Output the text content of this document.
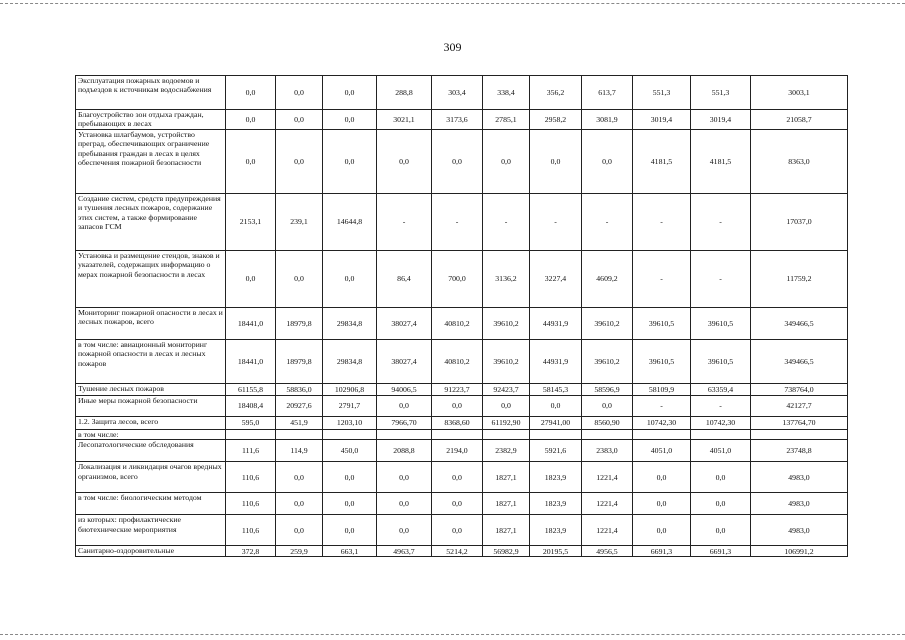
309
Эксплуатация пожарных водоемов и подъездов к источникам водоснабжения	0,0	0,0	0,0	288,8	303,4	338,4	356,2	613,7	551,3	551,3	3003,1
Благоустройство зон отдыха граждан, пребывающих в лесах	0,0	0,0	0,0	3021,1	3173,6	2785,1	2958,2	3081,9	3019,4	3019,4	21058,7
Установка шлагбаумов, устройство преград, обеспечивающих ограничение пребывания граждан в лесах в целях обеспечения пожарной безопасности	0,0	0,0	0,0	0,0	0,0	0,0	0,0	0,0	4181,5	4181,5	8363,0
Создание систем, средств предупреждения и тушения лесных пожаров, содержание этих систем, а также формирование запасов ГСМ	2153,1	239,1	14644,8	-	-	-	-	-	-	-	17037,0
Установка и размещение стендов, знаков и указателей, содержащих информацию о мерах пожарной безопасности в лесах	0,0	0,0	0,0	86,4	700,0	3136,2	3227,4	4609,2	-	-	11759,2
Мониторинг пожарной опасности в лесах и лесных пожаров, всего	18441,0	18979,8	29834,8	38027,4	40810,2	39610,2	44931,9	39610,2	39610,5	39610,5	349466,5
в том числе: авиационный мониторинг пожарной опасности в лесах и лесных пожаров	18441,0	18979,8	29834,8	38027,4	40810,2	39610,2	44931,9	39610,2	39610,5	39610,5	349466,5
Тушение лесных пожаров	61155,8	58836,0	102906,8	94006,5	91223,7	92423,7	58145,3	58596,9	58109,9	63359,4	738764,0
Иные меры пожарной безопасности	18408,4	20927,6	2791,7	0,0	0,0	0,0	0,0	0,0	-	-	42127,7
1.2. Защита лесов, всего	595,0	451,9	1203,10	7966,70	8368,60	61192,90	27941,00	8560,90	10742,30	10742,30	137764,70
в том числе:											
Лесопатологические обследования	111,6	114,9	450,0	2088,8	2194,0	2382,9	5921,6	2383,0	4051,0	4051,0	23748,8
Локализация и ликвидация очагов вредных организмов, всего	110,6	0,0	0,0	0,0	0,0	1827,1	1823,9	1221,4	0,0	0,0	4983,0
в том числе: биологическим методом	110,6	0,0	0,0	0,0	0,0	1827,1	1823,9	1221,4	0,0	0,0	4983,0
из которых: профилактические биотехнические мероприятия	110,6	0,0	0,0	0,0	0,0	1827,1	1823,9	1221,4	0,0	0,0	4983,0
Санитарно-оздоровительные	372,8	259,9	663,1	4963,7	5214,2	56982,9	20195,5	4956,5	6691,3	6691,3	106991,2
